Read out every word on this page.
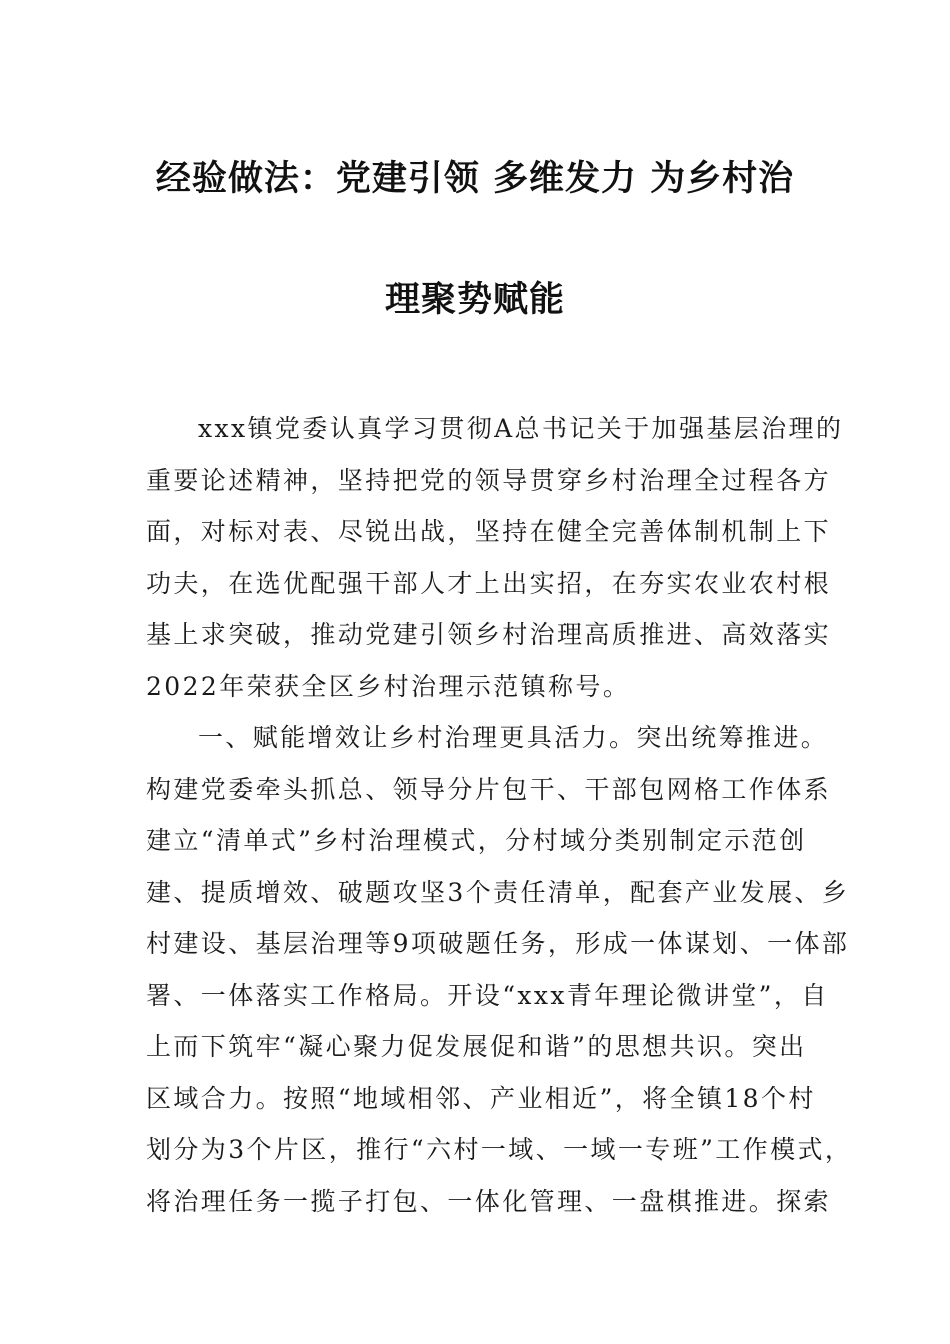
经验做法：党建引领 多维发力 为乡村治
理聚势赋能
xxx镇党委认真学习贯彻A总书记关于加强基层治理的
重要论述精神，坚持把党的领导贯穿乡村治理全过程各方
面，对标对表、尽锐出战，坚持在健全完善体制机制上下
功夫，在选优配强干部人才上出实招，在夯实农业农村根
基上求突破，推动党建引领乡村治理高质推进、高效落实
2022年荣获全区乡村治理示范镇称号。
一、赋能增效让乡村治理更具活力。突出统筹推进。
构建党委牵头抓总、领导分片包干、干部包网格工作体系
建立“清单式”乡村治理模式，分村域分类别制定示范创
建、提质增效、破题攻坚3个责任清单，配套产业发展、乡
村建设、基层治理等9项破题任务，形成一体谋划、一体部
署、一体落实工作格局。开设“xxx青年理论微讲堂”，自
上而下筑牢“凝心聚力促发展促和谐”的思想共识。突出
区域合力。按照“地域相邻、产业相近”，将全镇18个村
划分为3个片区，推行“六村一域、一域一专班”工作模式，
将治理任务一揽子打包、一体化管理、一盘棋推进。探索
